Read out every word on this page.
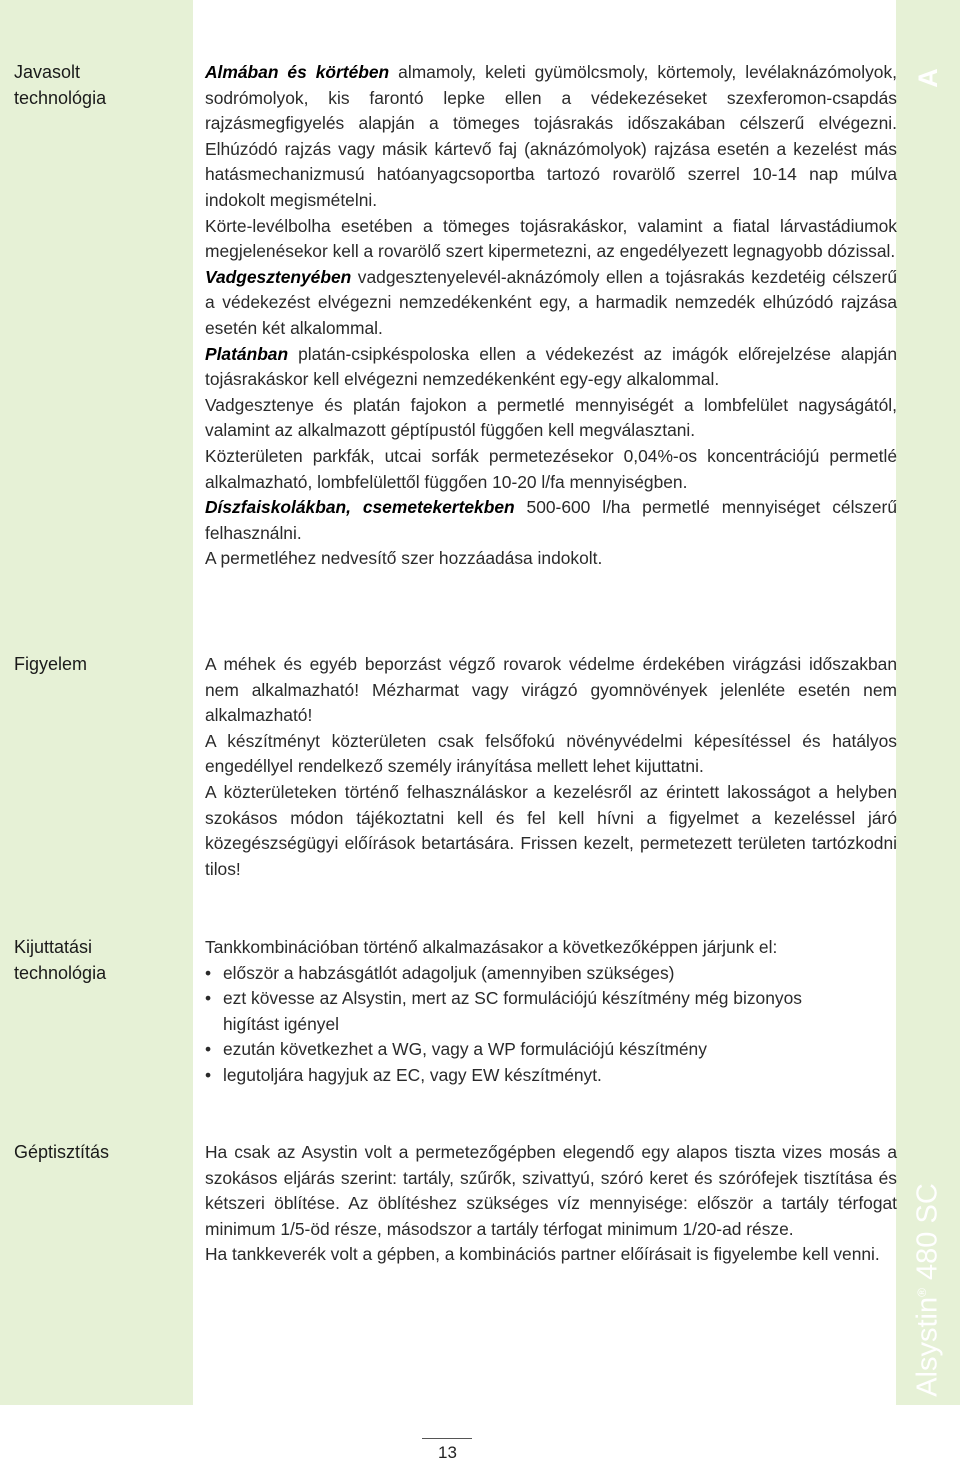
A
Alsystin® 480 SC
Javasolt
technológia

Almában és körtében almamoly, keleti gyümölcsmoly, körtemoly, levélaknázómolyok, sodrómolyok, kis farontó lepke ellen a védekezéseket szexferomon-csapdás rajzásmegfigyelés alapján a tömeges tojásrakás időszakában célszerű elvégezni. Elhúzódó rajzás vagy másik kártevő faj (aknázómolyok) rajzása esetén a kezelést más hatásmechanizmusú hatóanyagcsoportba tartozó rovarölő szerrel 10-14 nap múlva indokolt megismételni.

Körte-levélbolha esetében a tömeges tojásrakáskor, valamint a fiatal lárvastádiumok megjelenésekor kell a rovarölő szert kipermetezni, az engedélyezett legnagyobb dózissal.

Vadgesztenyében vadgesztenyelevél-aknázómoly ellen a tojásrakás kezdetéig célszerű a védekezést elvégezni nemzedékenként egy, a harmadik nemzedék elhúzódó rajzása esetén két alkalommal.

Platánban platán-csipkéspoloska ellen a védekezést az imágók előrejelzése alapján tojásrakáskor kell elvégezni nemzedékenként egy-egy alkalommal.

Vadgesztenye és platán fajokon a permetlé mennyiségét a lombfelület nagyságától, valamint az alkalmazott géptípustól függően kell megválasztani.

Közterületen parkfák, utcai sorfák permetezésekor 0,04%-os koncentrációjú permetlé alkalmazható, lombfelülettől függően 10-20 l/fa mennyiségben.

Díszfaiskolákban, csemetekertekben 500-600 l/ha permetlé mennyiséget célszerű felhasználni.

A permetléhez nedvesítő szer hozzáadása indokolt.

Figyelem	A méhek és egyéb beporzást végző rovarok védelme érdekében virágzási időszakban nem alkalmazható! Mézharmat vagy virágzó gyomnövények jelenléte esetén nem alkalmazható!

A készítményt közterületen csak felsőfokú növényvédelmi képesítéssel és hatályos engedéllyel rendelkező személy irányítása mellett lehet kijuttatni.

A közterületeken történő felhasználáskor a kezelésről az érintett lakosságot a helyben szokásos módon tájékoztatni kell és fel kell hívni a figyelmet a kezeléssel járó közegészségügyi előírások betartására. Frissen kezelt, permetezett területen tartózkodni tilos!

Kijuttatási
technológia

Tankkombinációban történő alkalmazásakor a következőképpen járjunk el:

• először a habzásgátlót adagoljuk (amennyiben szükséges)
• ezt kövesse az Alsystin, mert az SC formulációjú készítmény még bizonyos higítást igényel
• ezután következhet a WG, vagy a WP formulációjú készítmény
• legutoljára hagyjuk az EC, vagy EW készítményt.
Géptisztítás	Ha csak az Asystin volt a permetezőgépben elegendő egy alapos tiszta vizes mosás a szokásos eljárás szerint: tartály, szűrők, szivattyú, szóró keret és szórófejek tisztítása és kétszeri öblítése. Az öblítéshez szükséges víz mennyisége: először a tartály térfogat minimum 1/5-öd része, másodszor a tartály térfogat minimum 1/20-ad része.

Ha tankkeverék volt a gépben, a kombinációs partner előírásait is figyelembe kell venni.

13
